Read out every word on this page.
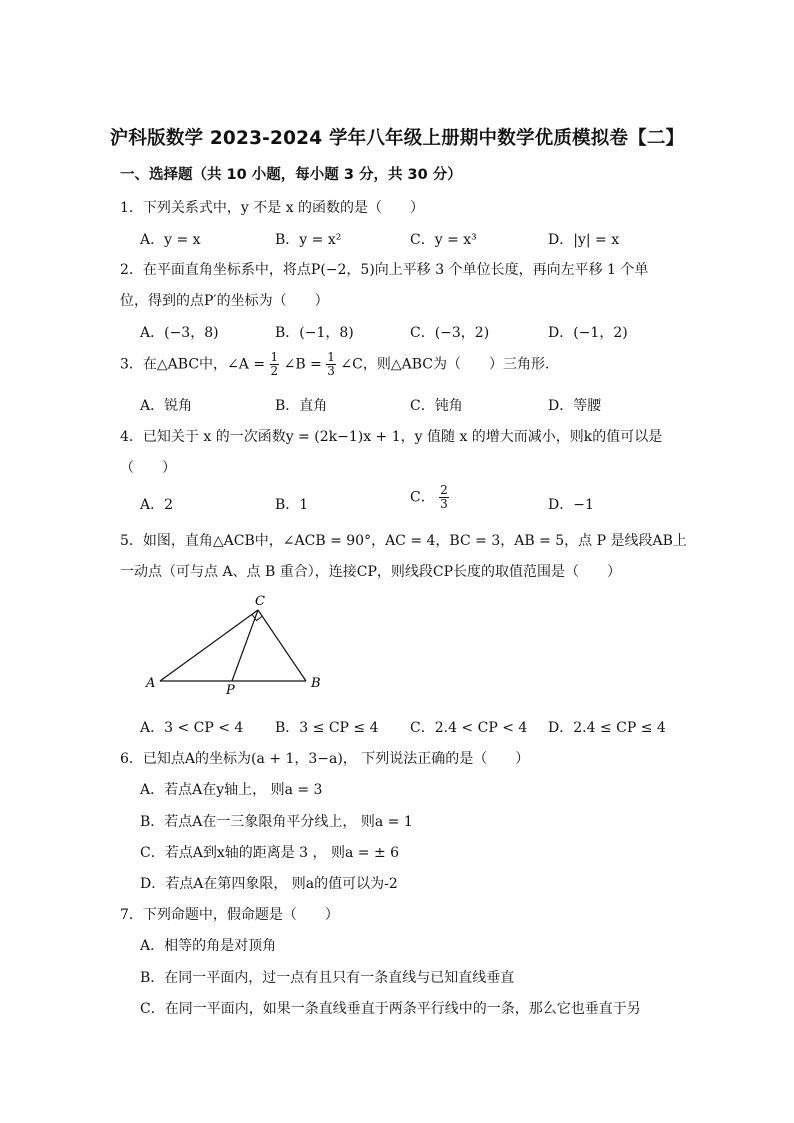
沪科版数学 2023-2024 学年八年级上册期中数学优质模拟卷【二】
一、选择题（共 10 小题，每小题 3 分，共 30 分）
1．下列关系式中，y 不是 x 的函数的是（　　）
A．y = x	B．y = x²	C．y = x³	D．|y| = x
2．在平面直角坐标系中，将点P(−2，5)向上平移 3 个单位长度，再向左平移 1 个单
位，得到的点P′的坐标为（　　）
A．(−3，8)	B．(−1，8)	C．(−3，2)	D．(−1，2)
3．在△ABC中，∠A = $\frac{1}{2}$ ∠B = $\frac{1}{3}$ ∠C，则△ABC为（　　）三角形．
A．锐角	B．直角	C．钝角	D．等腰
4．已知关于 x 的一次函数y = (2k−1)x + 1，y 值随 x 的增大而减小，则k的值可以是
（　　）
A．2	B．1	C． $\frac{2}{3}$	D．−1
5．如图，直角△ACB中，∠ACB = 90°，AC = 4，BC = 3，AB = 5，点 P 是线段AB上
一动点（可与点 A、点 B 重合），连接CP，则线段CP长度的取值范围是（　　）
C
A	P	B
A．3 < CP < 4 B．3 ≤ CP ≤ 4 C．2.4 < CP < 4 D．2.4 ≤ CP ≤ 4
6．已知点A的坐标为(a + 1，3−a)， 下列说法正确的是（　　）
A．若点A在y轴上， 则a = 3
B．若点A在一三象限角平分线上， 则a = 1
C．若点A到x轴的距离是 3 ， 则a = ± 6
D．若点A在第四象限， 则a的值可以为-2
7．下列命题中，假命题是（　　）
A．相等的角是对顶角
B．在同一平面内，过一点有且只有一条直线与已知直线垂直
C．在同一平面内，如果一条直线垂直于两条平行线中的一条，那么它也垂直于另
